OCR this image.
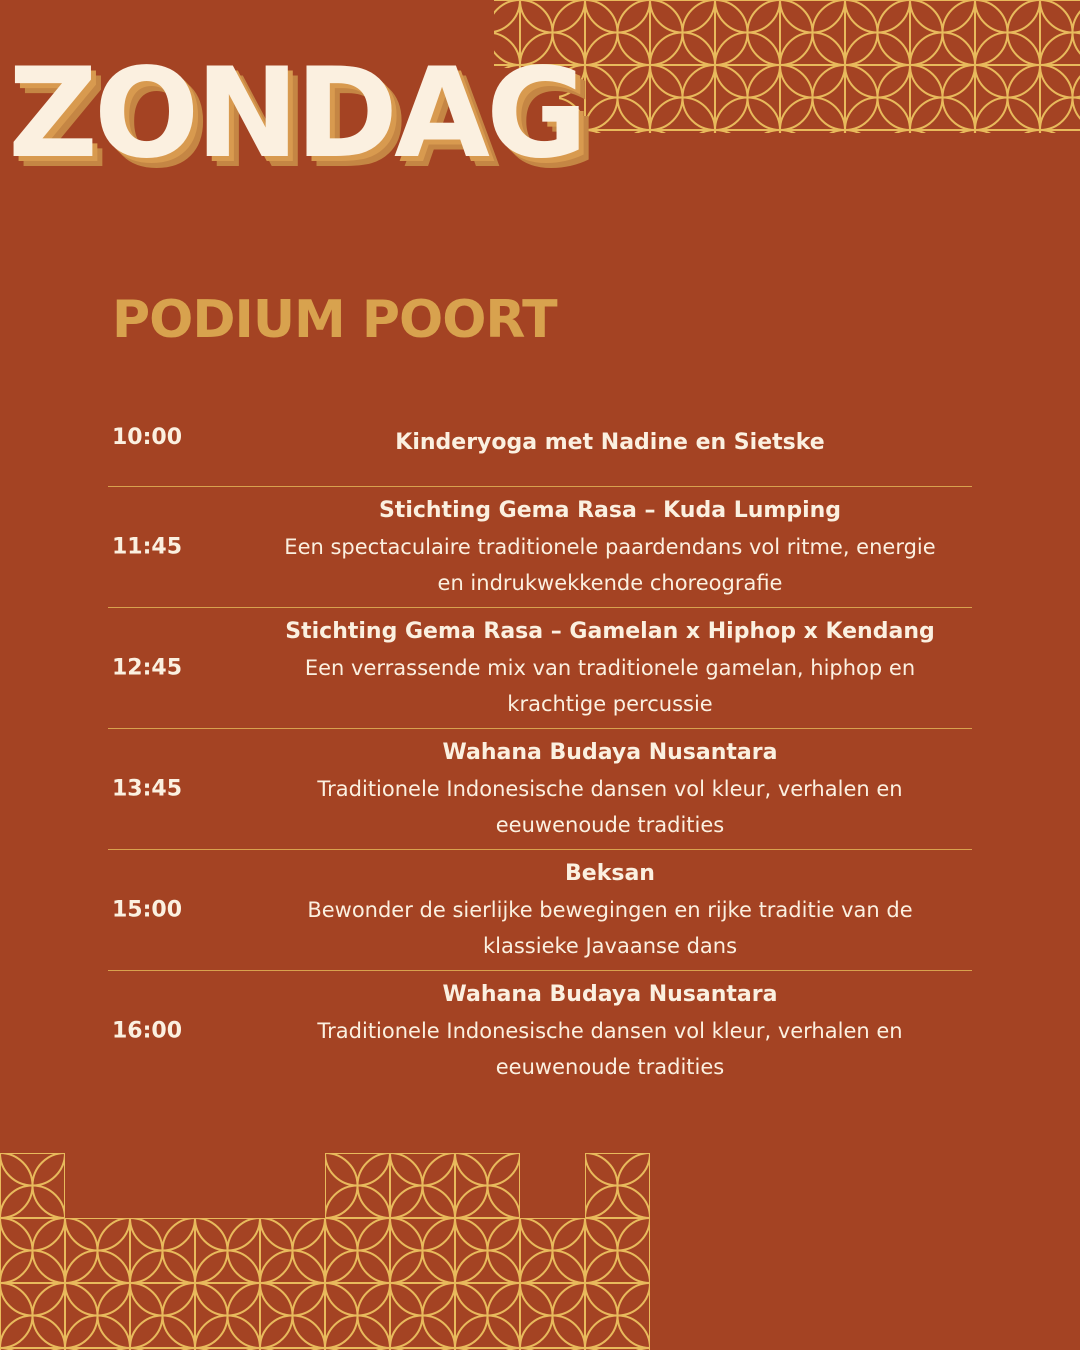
ZONDAG
PODIUM POORT
10:00	Kinderyoga met Nadine en Sietske
11:45
Stichting Gema Rasa – Kuda Lumping
Een spectaculaire traditionele paardendans vol ritme, energie en indrukwekkende choreografie
12:45
Stichting Gema Rasa – Gamelan x Hiphop x Kendang
Een verrassende mix van traditionele gamelan, hiphop en krachtige percussie
13:45
Wahana Budaya Nusantara
Traditionele Indonesische dansen vol kleur, verhalen en eeuwenoude tradities
15:00
Beksan
Bewonder de sierlijke bewegingen en rijke traditie van de klassieke Javaanse dans
16:00
Wahana Budaya Nusantara
Traditionele Indonesische dansen vol kleur, verhalen en eeuwenoude tradities
